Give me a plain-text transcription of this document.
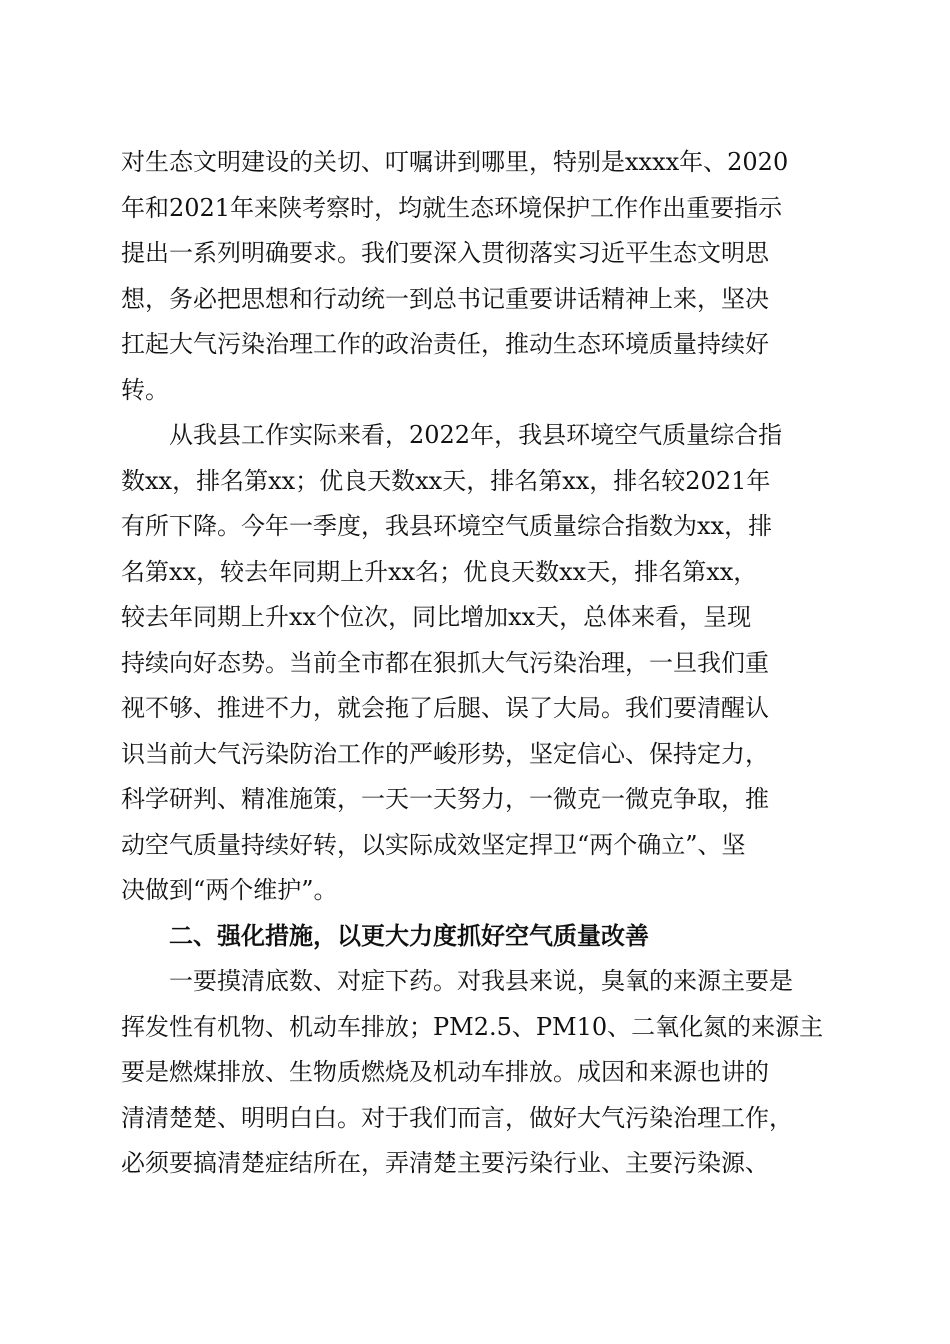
对生态文明建设的关切、叮嘱讲到哪里，特别是xxxx年、2020
年和2021年来陕考察时，均就生态环境保护工作作出重要指示
提出一系列明确要求。我们要深入贯彻落实习近平生态文明思
想，务必把思想和行动统一到总书记重要讲话精神上来，坚决
扛起大气污染治理工作的政治责任，推动生态环境质量持续好
转。

从我县工作实际来看，2022年，我县环境空气质量综合指
数xx，排名第xx；优良天数xx天，排名第xx，排名较2021年
有所下降。今年一季度，我县环境空气质量综合指数为xx，排
名第xx，较去年同期上升xx名；优良天数xx天，排名第xx，
较去年同期上升xx个位次，同比增加xx天，总体来看，呈现
持续向好态势。当前全市都在狠抓大气污染治理，一旦我们重
视不够、推进不力，就会拖了后腿、误了大局。我们要清醒认
识当前大气污染防治工作的严峻形势，坚定信心、保持定力，
科学研判、精准施策，一天一天努力，一微克一微克争取，推
动空气质量持续好转，以实际成效坚定捍卫“两个确立”、坚
决做到“两个维护”。

二、强化措施，以更大力度抓好空气质量改善

一要摸清底数、对症下药。对我县来说，臭氧的来源主要是
挥发性有机物、机动车排放；PM2.5、PM10、二氧化氮的来源主
要是燃煤排放、生物质燃烧及机动车排放。成因和来源也讲的
清清楚楚、明明白白。对于我们而言，做好大气污染治理工作，
必须要搞清楚症结所在，弄清楚主要污染行业、主要污染源、
